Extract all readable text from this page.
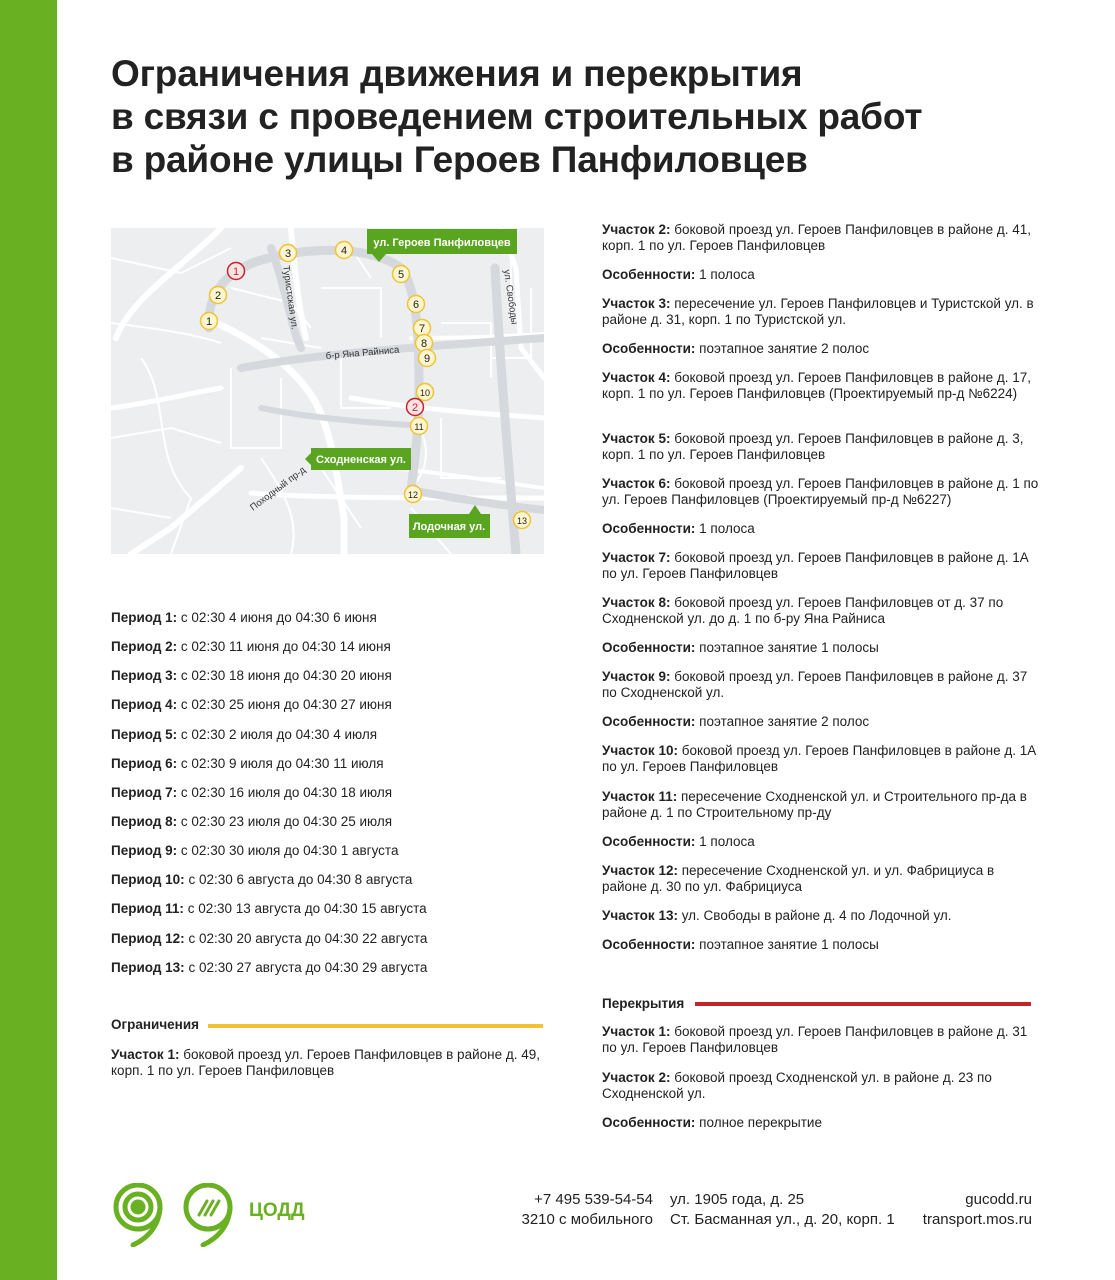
Ограничения движения и перекрытия
в связи с проведением строительных работ
в районе улицы Героев Панфиловцев
ул. Героев Панфиловцев
Сходненская ул.
Лодочная ул.
Туристская ул.	ул. Свободы
б-р Яна Райниса
Походный пр-д
1
2
3	4
5
6
7
8
9
10
11
12
13
1
2
Период 1: с 02:30 4 июня до 04:30 6 июня
Период 2: с 02:30 11 июня до 04:30 14 июня
Период 3: с 02:30 18 июня до 04:30 20 июня
Период 4: с 02:30 25 июня до 04:30 27 июня
Период 5: с 02:30 2 июля до 04:30 4 июля
Период 6: с 02:30 9 июля до 04:30 11 июля
Период 7: с 02:30 16 июля до 04:30 18 июля
Период 8: с 02:30 23 июля до 04:30 25 июля
Период 9: с 02:30 30 июля до 04:30 1 августа
Период 10: с 02:30 6 августа до 04:30 8 августа
Период 11: с 02:30 13 августа до 04:30 15 августа
Период 12: с 02:30 20 августа до 04:30 22 августа
Период 13: с 02:30 27 августа до 04:30 29 августа
Ограничения
Участок 1: боковой проезд ул. Героев Панфиловцев в районе д. 49, корп. 1 по ул. Героев Панфиловцев
Участок 2: боковой проезд ул. Героев Панфиловцев в районе д. 41, корп. 1 по ул. Героев Панфиловцев
Особенности: 1 полоса
Участок 3: пересечение ул. Героев Панфиловцев и Туристской ул. в районе д. 31, корп. 1 по Туристской ул.
Особенности: поэтапное занятие 2 полос
Участок 4: боковой проезд ул. Героев Панфиловцев в районе д. 17, корп. 1 по ул. Героев Панфиловцев (Проектируемый пр-д №6224)
Участок 5: боковой проезд ул. Героев Панфиловцев в районе д. 3, корп. 1 по ул. Героев Панфиловцев
Участок 6: боковой проезд ул. Героев Панфиловцев в районе д. 1 по ул. Героев Панфиловцев (Проектируемый пр-д №6227)
Особенности: 1 полоса
Участок 7: боковой проезд ул. Героев Панфиловцев в районе д. 1А по ул. Героев Панфиловцев
Участок 8: боковой проезд ул. Героев Панфиловцев от д. 37 по Сходненской ул. до д. 1 по б-ру Яна Райниса
Особенности: поэтапное занятие 1 полосы
Участок 9: боковой проезд ул. Героев Панфиловцев в районе д. 37 по Сходненской ул.
Особенности: поэтапное занятие 2 полос
Участок 10: боковой проезд ул. Героев Панфиловцев в районе д. 1А по ул. Героев Панфиловцев
Участок 11: пересечение Сходненской ул. и Строительного пр-да в районе д. 1 по Строительному пр-ду
Особенности: 1 полоса
Участок 12: пересечение Сходненской ул. и ул. Фабрициуса в районе д. 30 по ул. Фабрициуса
Участок 13: ул. Свободы в районе д. 4 по Лодочной ул.
Особенности: поэтапное занятие 1 полосы
Перекрытия
Участок 1: боковой проезд ул. Героев Панфиловцев в районе д. 31 по ул. Героев Панфиловцев
Участок 2: боковой проезд Сходненской ул. в районе д. 23 по Сходненской ул.
Особенности: полное перекрытие
ЦОДД
+7 495 539-54-54
3210 с мобильного
ул. 1905 года, д. 25
Ст. Басманная ул., д. 20, корп. 1
gucodd.ru
transport.mos.ru
